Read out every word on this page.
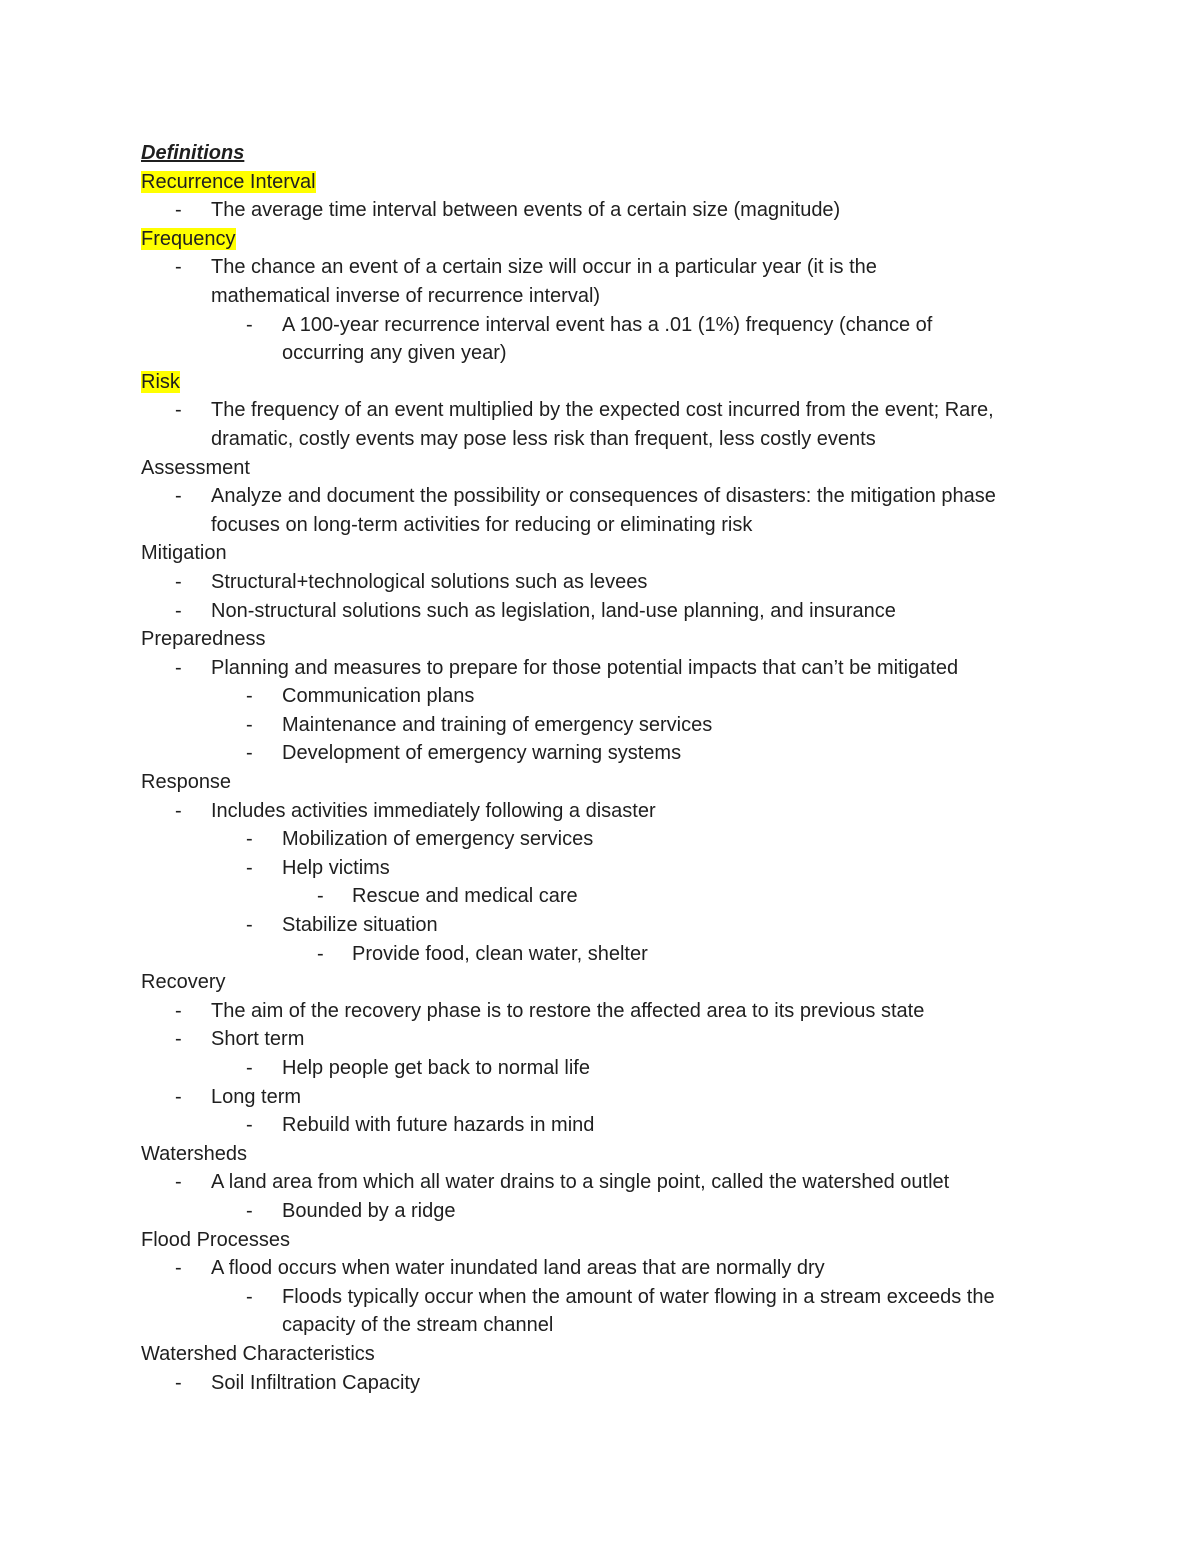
Definitions

Recurrence Interval

- The average time interval between events of a certain size (magnitude)

Frequency

- The chance an event of a certain size will occur in a particular year (it is the

mathematical inverse of recurrence interval)

- A 100-year recurrence interval event has a .01 (1%) frequency (chance of

occurring any given year)

Risk

- The frequency of an event multiplied by the expected cost incurred from the event; Rare,

dramatic, costly events may pose less risk than frequent, less costly events

Assessment

- Analyze and document the possibility or consequences of disasters: the mitigation phase

focuses on long-term activities for reducing or eliminating risk

Mitigation

- Structural+technological solutions such as levees

- Non-structural solutions such as legislation, land-use planning, and insurance

Preparedness

- Planning and measures to prepare for those potential impacts that can’t be mitigated

- Communication plans

- Maintenance and training of emergency services

- Development of emergency warning systems

Response

- Includes activities immediately following a disaster

- Mobilization of emergency services

- Help victims

- Rescue and medical care

- Stabilize situation

- Provide food, clean water, shelter

Recovery

- The aim of the recovery phase is to restore the affected area to its previous state

- Short term

- Help people get back to normal life

- Long term

- Rebuild with future hazards in mind

Watersheds

- A land area from which all water drains to a single point, called the watershed outlet

- Bounded by a ridge

Flood Processes

- A flood occurs when water inundated land areas that are normally dry

- Floods typically occur when the amount of water flowing in a stream exceeds the

capacity of the stream channel

Watershed Characteristics

- Soil Infiltration Capacity
